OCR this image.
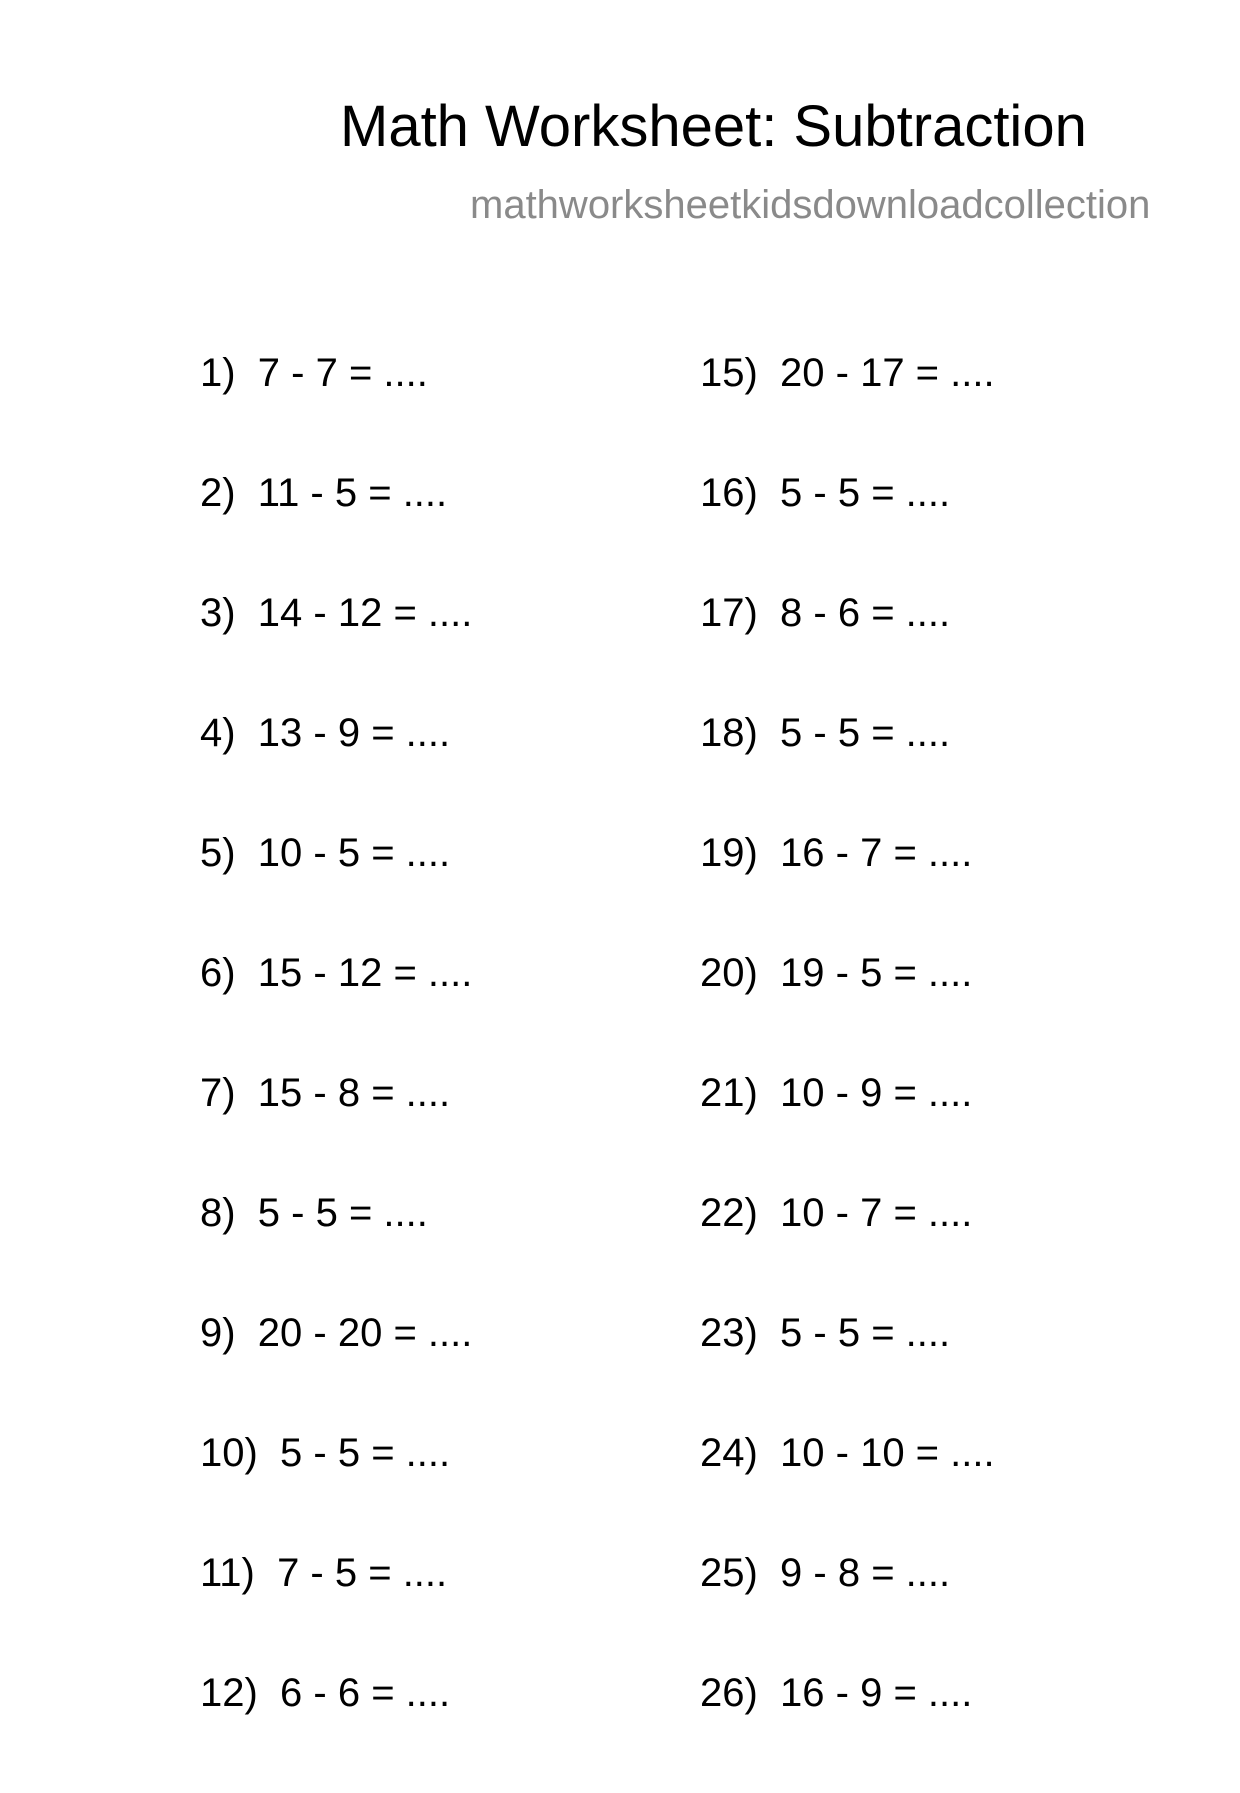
Math Worksheet: Subtraction
mathworksheetkidsdownloadcollection
1)  7 - 7 = ....
2)  11 - 5 = ....
3)  14 - 12 = ....
4)  13 - 9 = ....
5)  10 - 5 = ....
6)  15 - 12 = ....
7)  15 - 8 = ....
8)  5 - 5 = ....
9)  20 - 20 = ....
10)  5 - 5 = ....
11)  7 - 5 = ....
12)  6 - 6 = ....
15)  20 - 17 = ....
16)  5 - 5 = ....
17)  8 - 6 = ....
18)  5 - 5 = ....
19)  16 - 7 = ....
20)  19 - 5 = ....
21)  10 - 9 = ....
22)  10 - 7 = ....
23)  5 - 5 = ....
24)  10 - 10 = ....
25)  9 - 8 = ....
26)  16 - 9 = ....
